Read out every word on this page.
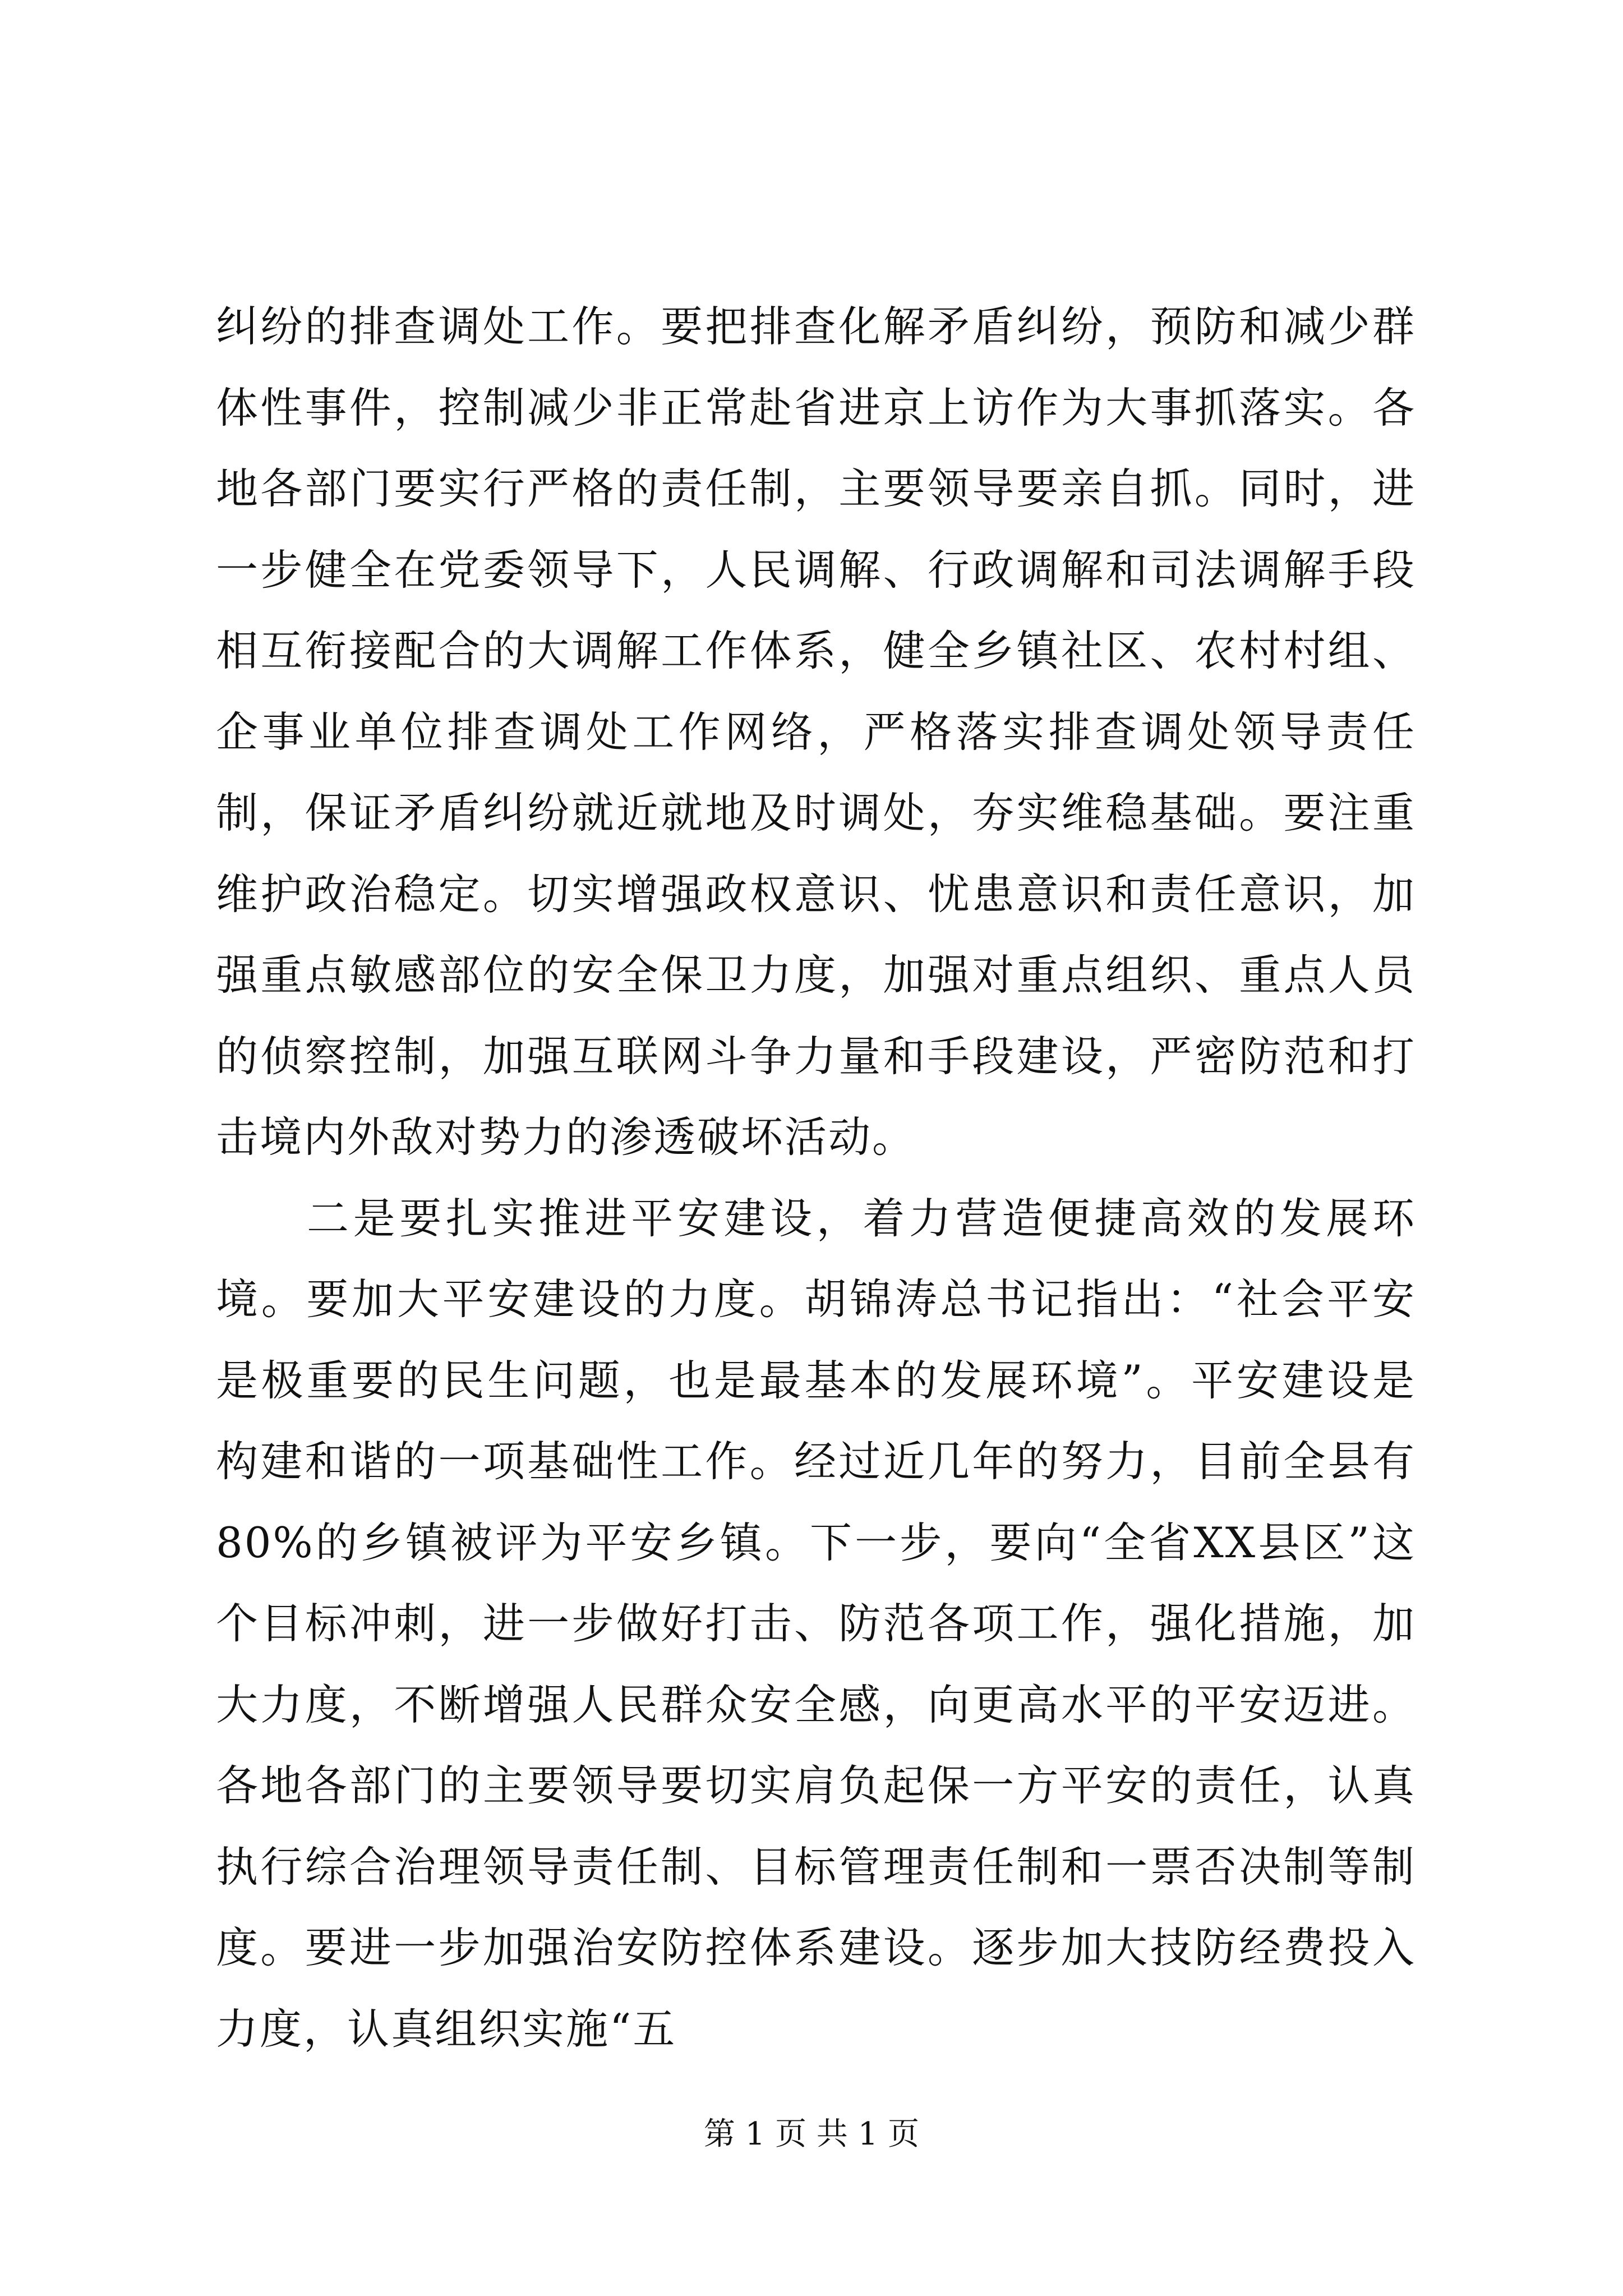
纠纷的排查调处工作。要把排查化解矛盾纠纷，预防和减少群体性事件，控制减少非正常赴省进京上访作为大事抓落实。各地各部门要实行严格的责任制，主要领导要亲自抓。同时，进一步健全在党委领导下，人民调解、行政调解和司法调解手段相互衔接配合的大调解工作体系，健全乡镇社区、农村村组、企事业单位排查调处工作网络，严格落实排查调处领导责任制，保证矛盾纠纷就近就地及时调处，夯实维稳基础。要注重维护政治稳定。切实增强政权意识、忧患意识和责任意识，加强重点敏感部位的安全保卫力度，加强对重点组织、重点人员的侦察控制，加强互联网斗争力量和手段建设，严密防范和打击境内外敌对势力的渗透破坏活动。

二是要扎实推进平安建设，着力营造便捷高效的发展环境。要加大平安建设的力度。胡锦涛总书记指出：“社会平安是极重要的民生问题，也是最基本的发展环境”。平安建设是构建和谐的一项基础性工作。经过近几年的努力，目前全县有80%的乡镇被评为平安乡镇。下一步，要向“全省XX县区”这个目标冲刺，进一步做好打击、防范各项工作，强化措施，加大力度，不断增强人民群众安全感，向更高水平的平安迈进。各地各部门的主要领导要切实肩负起保一方平安的责任，认真执行综合治理领导责任制、目标管理责任制和一票否决制等制度。要进一步加强治安防控体系建设。逐步加大技防经费投入力度，认真组织实施“五

第 1 页 共 1 页
